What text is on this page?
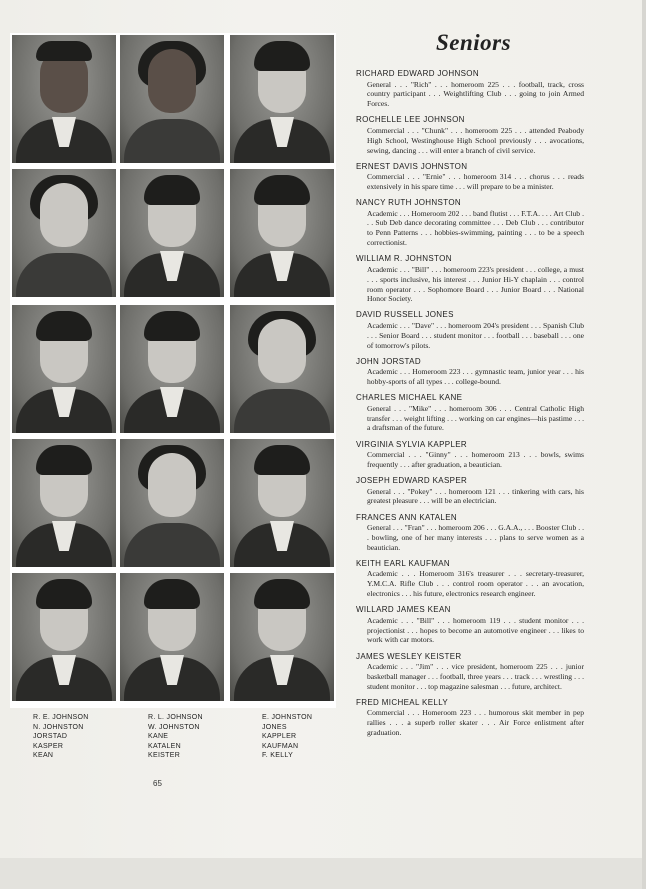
R. E. JOHNSON
N. JOHNSTON
JORSTAD
KASPER
KEAN
R. L. JOHNSON
W. JOHNSTON
KANE
KATALEN
KEISTER
E. JOHNSTON
JONES
KAPPLER
KAUFMAN
F. KELLY
65
Seniors
RICHARD EDWARD JOHNSON
General . . . "Rich" . . . homeroom 225 . . . football, track, cross country participant . . . Weightlifting Club . . . going to join Armed Forces.
ROCHELLE LEE JOHNSON
Commercial . . . "Chunk" . . . homeroom 225 . . . attended Peabody High School, Westinghouse High School previously . . . avocations, sewing, dancing . . . will enter a branch of civil service.
ERNEST DAVIS JOHNSTON
Commercial . . . "Ernie" . . . homeroom 314 . . . chorus . . . reads extensively in his spare time . . . will prepare to be a minister.
NANCY RUTH JOHNSTON
Academic . . . Homeroom 202 . . . band flutist . . . F.T.A. . . . Art Club . . . Sub Deb dance decorating committee . . . Deb Club . . . contributor to Penn Patterns . . . hobbies-swimming, painting . . . to be a speech correctionist.
WILLIAM R. JOHNSTON
Academic . . . "Bill" . . . homeroom 223's president . . . college, a must . . . sports inclusive, his interest . . . Junior Hi-Y chaplain . . . control room operator . . . Sophomore Board . . . Junior Board . . . National Honor Society.
DAVID RUSSELL JONES
Academic . . . "Dave" . . . homeroom 204's president . . . Spanish Club . . . Senior Board . . . student monitor . . . football . . . baseball . . . one of tomorrow's pilots.
JOHN JORSTAD
Academic . . . Homeroom 223 . . . gymnastic team, junior year . . . his hobby-sports of all types . . . college-bound.
CHARLES MICHAEL KANE
General . . . "Mike" . . . homeroom 306 . . . Central Catholic High transfer . . . weight lifting . . . working on car engines—his pastime . . . a draftsman of the future.
VIRGINIA SYLVIA KAPPLER
Commercial . . . "Ginny" . . . homeroom 213 . . . bowls, swims frequently . . . after graduation, a beautician.
JOSEPH EDWARD KASPER
General . . . "Pokey" . . . homeroom 121 . . . tinkering with cars, his greatest pleasure . . . will be an electrician.
FRANCES ANN KATALEN
General . . . "Fran" . . . homeroom 206 . . . G.A.A., . . . Booster Club . . . bowling, one of her many interests . . . plans to serve women as a beautician.
KEITH EARL KAUFMAN
Academic . . . Homeroom 316's treasurer . . . secretary-treasurer, Y.M.C.A. Rifle Club . . . control room operator . . . an avocation, electronics . . . his future, electronics research engineer.
WILLARD JAMES KEAN
Academic . . . "Bill" . . . homeroom 119 . . . student monitor . . . projectionist . . . hopes to become an automotive engineer . . . likes to work with car motors.
JAMES WESLEY KEISTER
Academic . . . "Jim" . . . vice president, homeroom 225 . . . junior basketball manager . . . football, three years . . . track . . . wrestling . . . student monitor . . . top magazine salesman . . . future, architect.
FRED MICHEAL KELLY
Commercial . . . Homeroom 223 . . . humorous skit member in pep rallies . . . a superb roller skater . . . Air Force enlistment after graduation.
